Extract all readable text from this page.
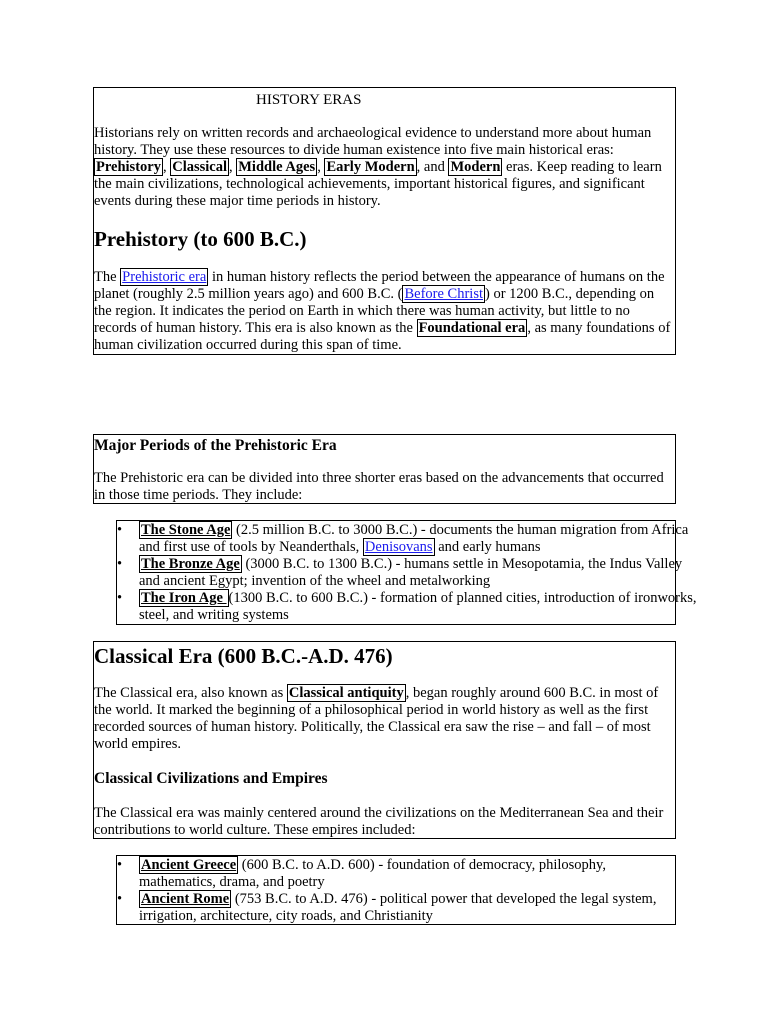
HISTORY ERAS

Historians rely on written records and archaeological evidence to understand more about human history. They use these resources to divide human existence into five main historical eras: Prehistory , Classical , Middle Ages , Early Modern , and Modern eras. Keep reading to learn the main civilizations, technological achievements, important historical figures, and significant events during these major time periods in history.

Prehistory (to 600 B.C.)

The Prehistoric era in human history reflects the period between the appearance of humans on the planet (roughly 2.5 million years ago) and 600 B.C. ( Before Christ ) or 1200 B.C., depending on the region. It indicates the period on Earth in which there was human activity, but little to no records of human history. This era is also known as the Foundational era , as many foundations of human civilization occurred during this span of time.

Major Periods of the Prehistoric Era

The Prehistoric era can be divided into three shorter eras based on the advancements that occurred in those time periods. They include:

• The Stone Age (2.5 million B.C. to 3000 B.C.) - documents the human migration from Africa and first use of tools by Neanderthals, Denisovans and early humans
• The Bronze Age (3000 B.C. to 1300 B.C.) - humans settle in Mesopotamia, the Indus Valley and ancient Egypt; invention of the wheel and metalworking
• The Iron Age (1300 B.C. to 600 B.C.) - formation of planned cities, introduction of ironworks, steel, and writing systems
Classical Era (600 B.C.-A.D. 476)

The Classical era, also known as Classical antiquity , began roughly around 600 B.C. in most of the world. It marked the beginning of a philosophical period in world history as well as the first recorded sources of human history. Politically, the Classical era saw the rise – and fall – of most world empires.

Classical Civilizations and Empires

The Classical era was mainly centered around the civilizations on the Mediterranean Sea and their contributions to world culture. These empires included:

• Ancient Greece (600 B.C. to A.D. 600) - foundation of democracy, philosophy, mathematics, drama, and poetry
• Ancient Rome (753 B.C. to A.D. 476) - political power that developed the legal system, irrigation, architecture, city roads, and Christianity
